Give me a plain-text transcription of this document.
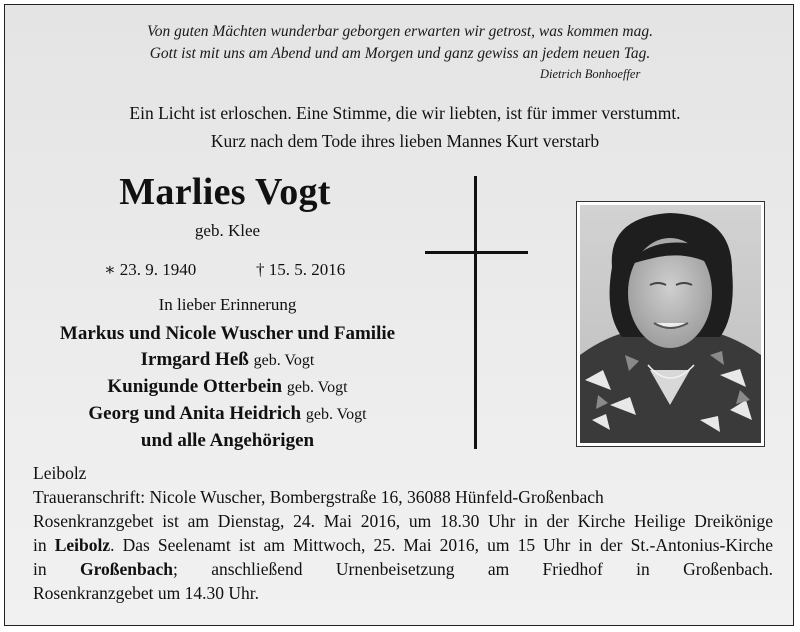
Von guten Mächten wunderbar geborgen erwarten wir getrost, was kommen mag.
Gott ist mit uns am Abend und am Morgen und ganz gewiss an jedem neuen Tag.
Dietrich Bonhoeffer
Ein Licht ist erloschen. Eine Stimme, die wir liebten, ist für immer verstummt.
Kurz nach dem Tode ihres lieben Mannes Kurt verstarb
Marlies Vogt
geb. Klee
∗ 23. 9. 1940	† 15. 5. 2016
In lieber Erinnerung
Markus und Nicole Wuscher und Familie
Irmgard Heß geb. Vogt
Kunigunde Otterbein geb. Vogt
Georg und Anita Heidrich geb. Vogt
und alle Angehörigen
Leibolz
Traueranschrift: Nicole Wuscher, Bombergstraße 16, 36088 Hünfeld-Großenbach
Rosenkranzgebet ist am Dienstag, 24. Mai 2016, um 18.30 Uhr in der Kirche Heilige Dreikönige
in Leibolz. Das Seelenamt ist am Mittwoch, 25. Mai 2016, um 15 Uhr in der St.-Antonius-Kirche
in Großenbach; anschließend Urnenbeisetzung am Friedhof in Großenbach.
Rosenkranzgebet um 14.30 Uhr.
